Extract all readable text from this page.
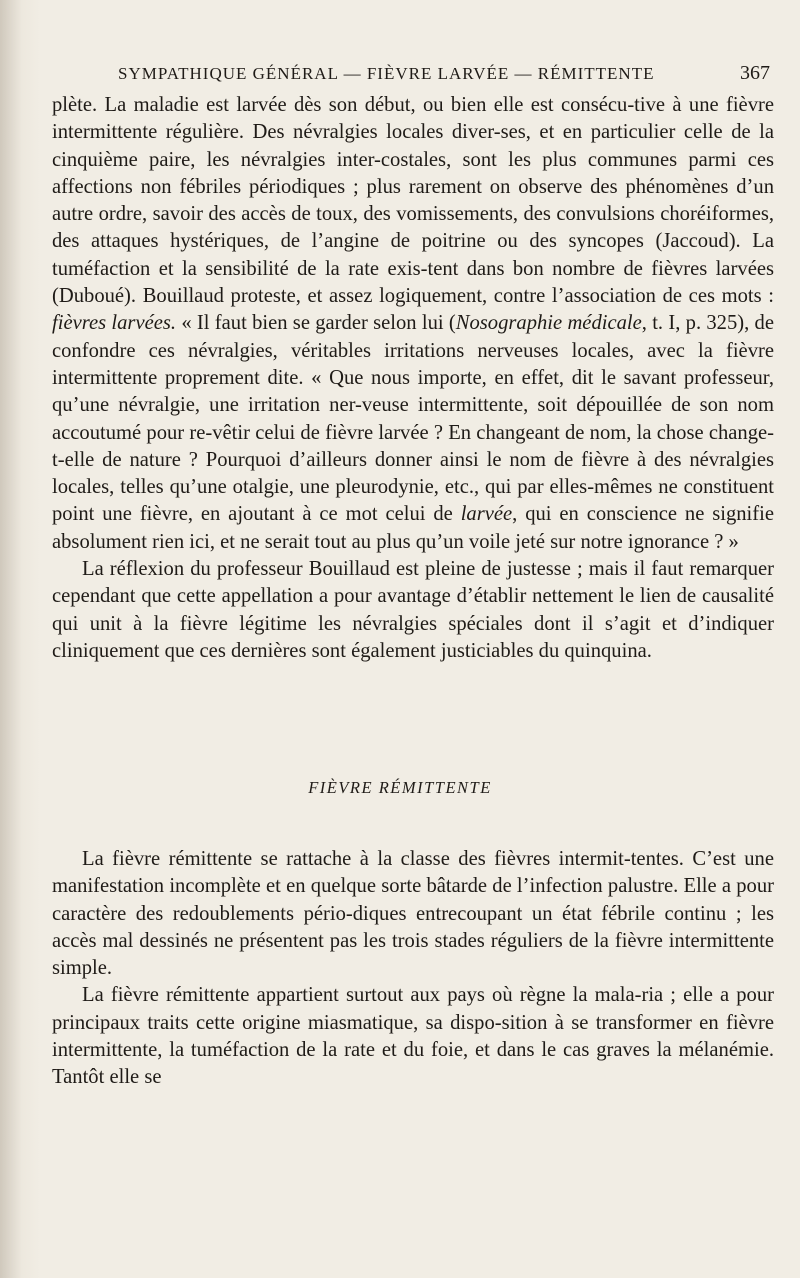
SYMPATHIQUE GÉNÉRAL — FIÈVRE LARVÉE — RÉMITTENTE	367

plète. La maladie est larvée dès son début, ou bien elle est consécu-tive à une fièvre intermittente régulière. Des névralgies locales diver-ses, et en particulier celle de la cinquième paire, les névralgies inter-costales, sont les plus communes parmi ces affections non fébriles périodiques ; plus rarement on observe des phénomènes d’un autre ordre, savoir des accès de toux, des vomissements, des convulsions choréiformes, des attaques hystériques, de l’angine de poitrine ou des syncopes (Jaccoud). La tuméfaction et la sensibilité de la rate exis-tent dans bon nombre de fièvres larvées (Duboué). Bouillaud proteste, et assez logiquement, contre l’association de ces mots : fièvres larvées. « Il faut bien se garder selon lui (Nosographie médicale, t. I, p. 325), de confondre ces névralgies, véritables irritations nerveuses locales, avec la fièvre intermittente proprement dite. « Que nous importe, en effet, dit le savant professeur, qu’une névralgie, une irritation ner-veuse intermittente, soit dépouillée de son nom accoutumé pour re-vêtir celui de fièvre larvée ? En changeant de nom, la chose change-t-elle de nature ? Pourquoi d’ailleurs donner ainsi le nom de fièvre à des névralgies locales, telles qu’une otalgie, une pleurodynie, etc., qui par elles-mêmes ne constituent point une fièvre, en ajoutant à ce mot celui de larvée, qui en conscience ne signifie absolument rien ici, et ne serait tout au plus qu’un voile jeté sur notre ignorance ? »

La réflexion du professeur Bouillaud est pleine de justesse ; mais il faut remarquer cependant que cette appellation a pour avantage d’établir nettement le lien de causalité qui unit à la fièvre légitime les névralgies spéciales dont il s’agit et d’indiquer cliniquement que ces dernières sont également justiciables du quinquina.

FIÈVRE RÉMITTENTE

La fièvre rémittente se rattache à la classe des fièvres intermit-tentes. C’est une manifestation incomplète et en quelque sorte bâtarde de l’infection palustre. Elle a pour caractère des redoublements pério-diques entrecoupant un état fébrile continu ; les accès mal dessinés ne présentent pas les trois stades réguliers de la fièvre intermittente simple.

La fièvre rémittente appartient surtout aux pays où règne la mala-ria ; elle a pour principaux traits cette origine miasmatique, sa dispo-sition à se transformer en fièvre intermittente, la tuméfaction de la rate et du foie, et dans le cas graves la mélanémie. Tantôt elle se
